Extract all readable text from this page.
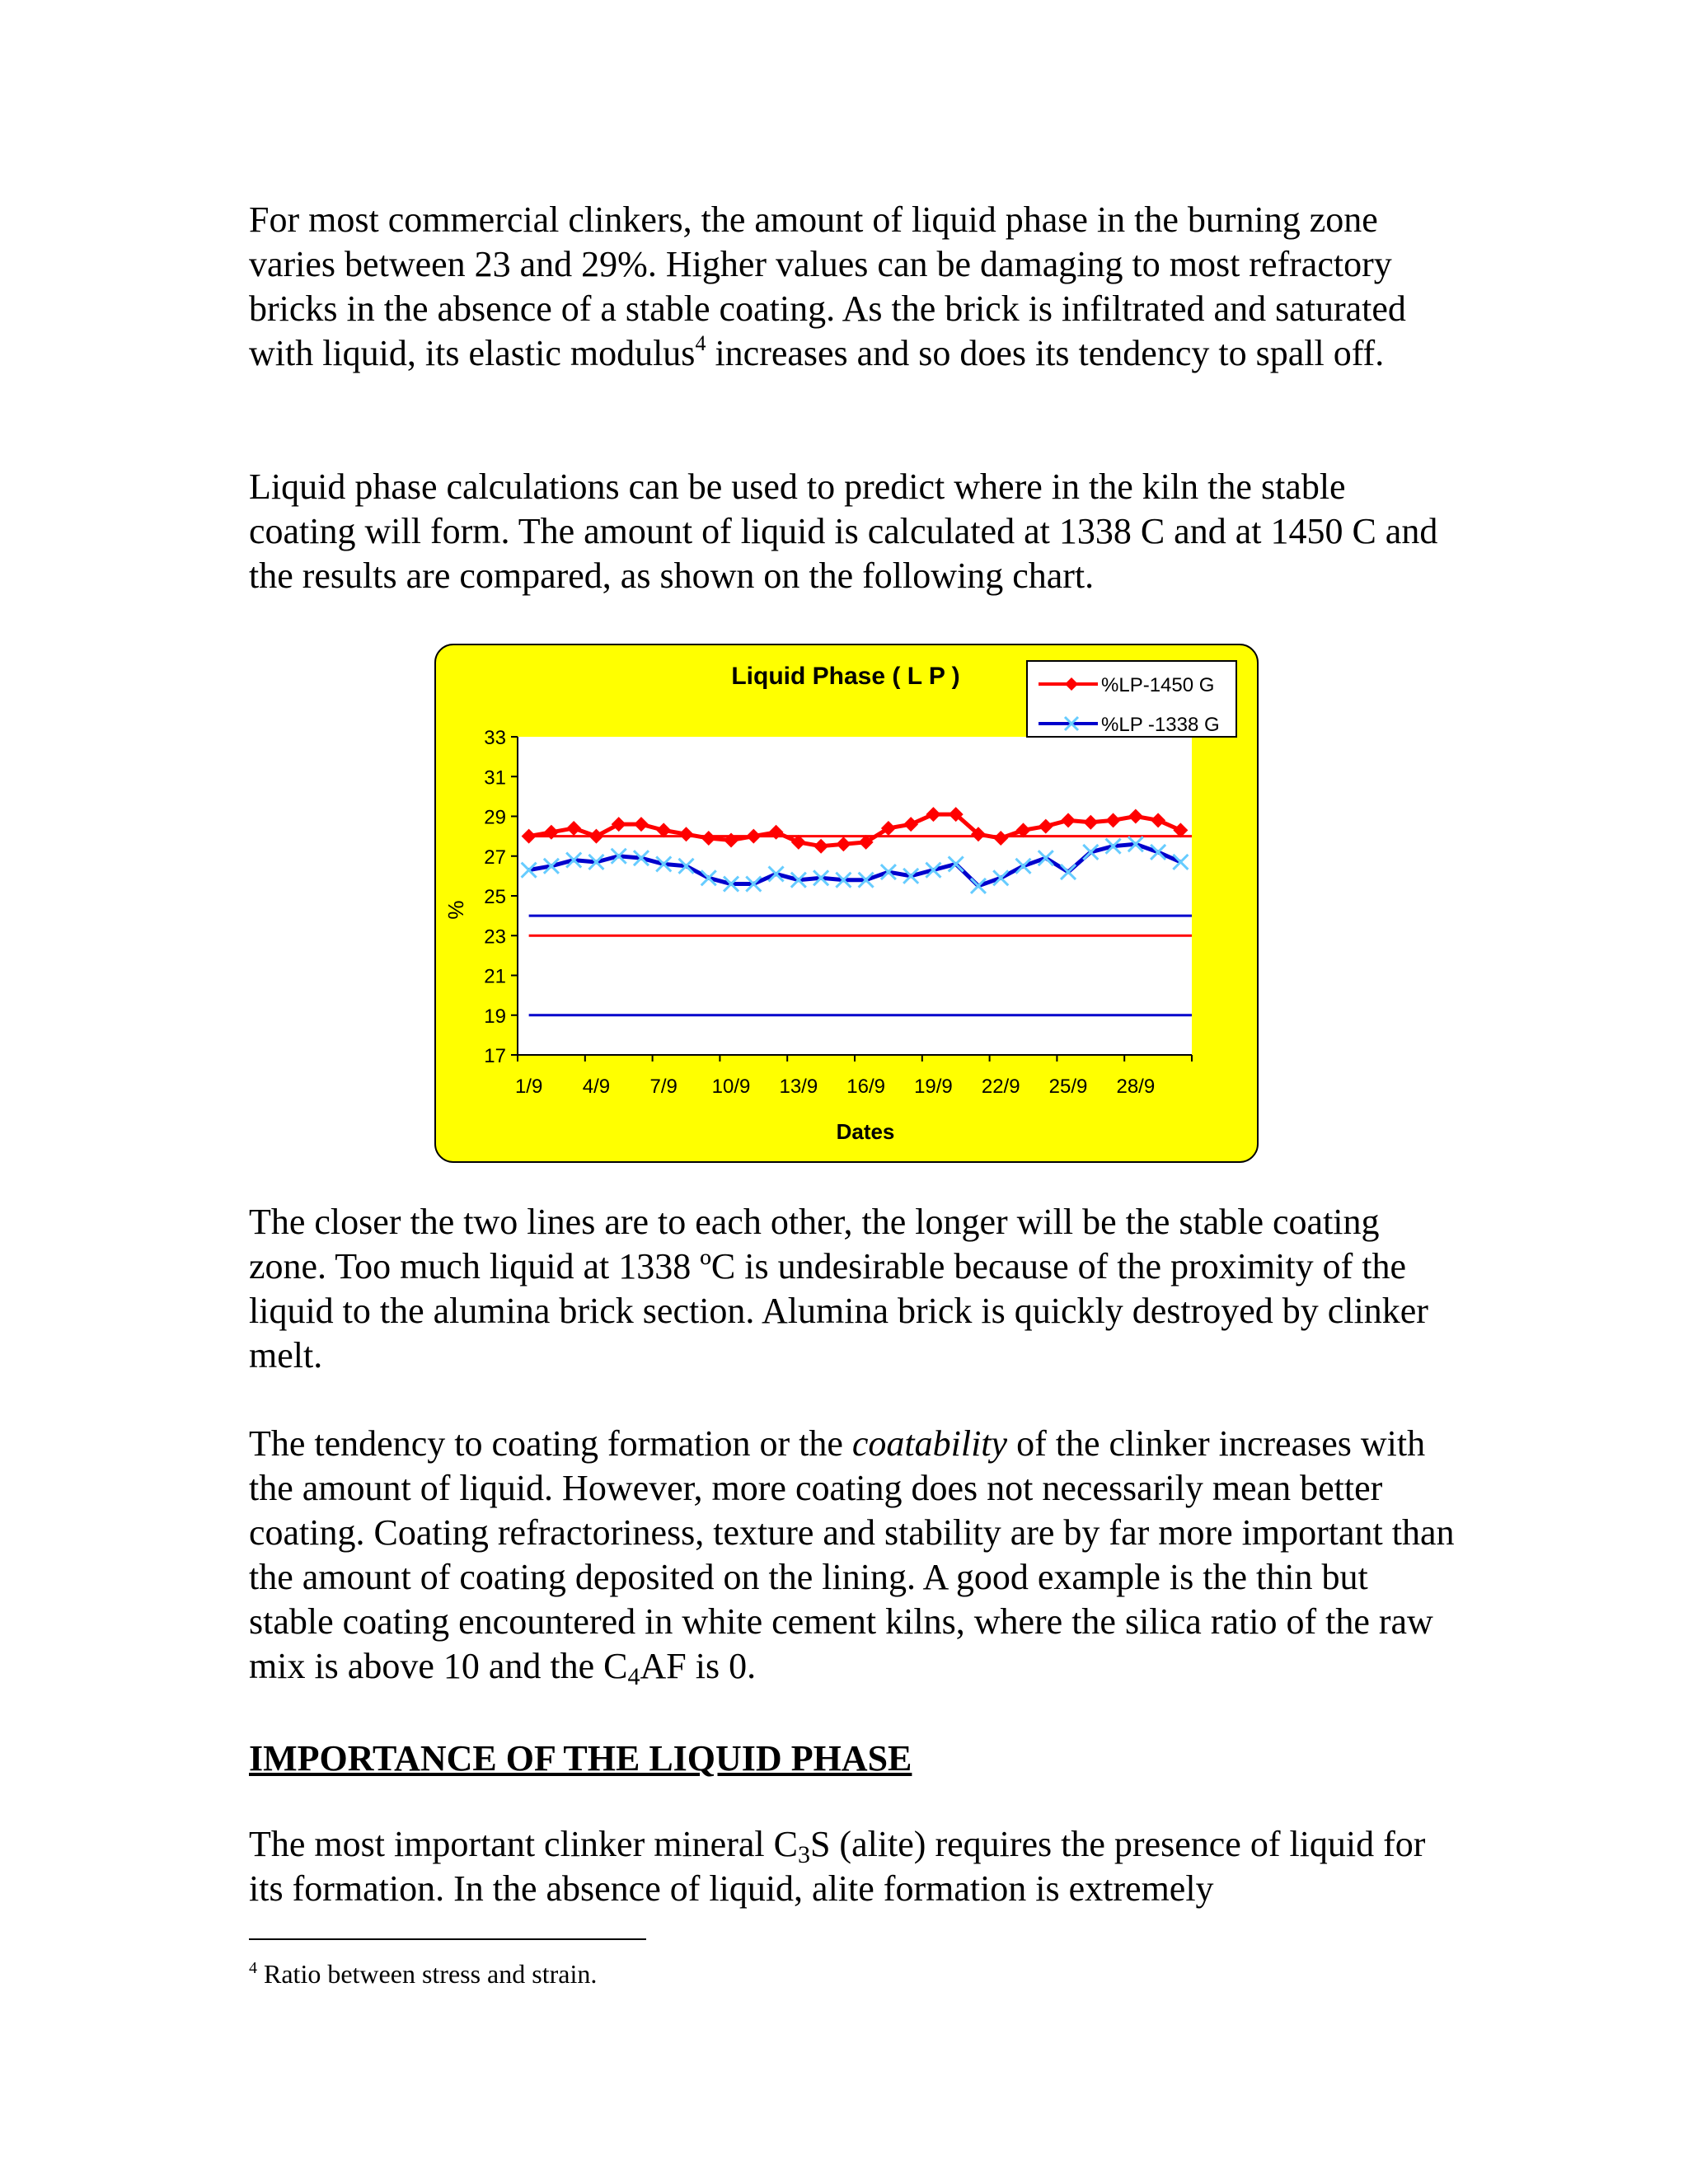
For most commercial clinkers, the amount of liquid phase in the burning zone varies between 23 and 29%. Higher values can be damaging to most refractory bricks in the absence of a stable coating. As the brick is infiltrated and saturated with liquid, its elastic modulus$^4$ increases and so does its tendency to spall off.

Liquid phase calculations can be used to predict where in the kiln the stable coating will form. The amount of liquid is calculated at 1338 C and at 1450 C and the results are compared, as shown on the following chart.

Liquid Phase ( L P )
%
Dates
33
31
29
27
25
23
21
19
17
1/9 4/9 7/9 10/9 13/9 16/9 19/9 22/9 25/9 28/9
%LP-1450 G
%LP -1338 G

The closer the two lines are to each other, the longer will be the stable coating zone. Too much liquid at 1338 ºC is undesirable because of the proximity of the liquid to the alumina brick section. Alumina brick is quickly destroyed by clinker melt.

The tendency to coating formation or the coatability of the clinker increases with the amount of liquid. However, more coating does not necessarily mean better coating. Coating refractoriness, texture and stability are by far more important than the amount of coating deposited on the lining. A good example is the thin but stable coating encountered in white cement kilns, where the silica ratio of the raw mix is above 10 and the $C_4AF$ is 0.

IMPORTANCE OF THE LIQUID PHASE

The most important clinker mineral $C_3S$ (alite) requires the presence of liquid for its formation. In the absence of liquid, alite formation is extremely

$^4$ Ratio between stress and strain.
